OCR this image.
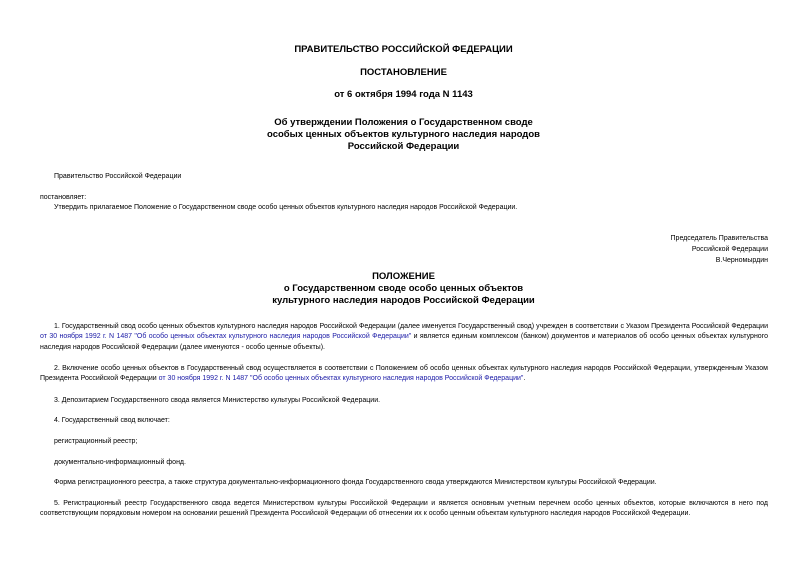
ПРАВИТЕЛЬСТВО РОССИЙСКОЙ ФЕДЕРАЦИИ
ПОСТАНОВЛЕНИЕ
от 6 октября 1994 года N 1143
Об утверждении Положения о Государственном своде
особых ценных объектов культурного наследия народов
Российской Федерации
Правительство Российской Федерации
постановляет:
Утвердить прилагаемое Положение о Государственном своде особо ценных объектов культурного наследия народов Российской Федерации.
Председатель Правительства
Российской Федерации
В.Черномырдин
ПОЛОЖЕНИЕ
о Государственном своде особо ценных объектов
культурного наследия народов Российской Федерации
1. Государственный свод особо ценных объектов культурного наследия народов Российской Федерации (далее именуется Государственный свод) учрежден в соответствии с Указом Президента Российской Федерации от 30 ноября 1992 г. N 1487 "Об особо ценных объектах культурного наследия народов Российской Федерации" и является единым комплексом (банком) документов и материалов об особо ценных объектах культурного наследия народов Российской Федерации (далее именуются - особо ценные объекты).
2. Включение особо ценных объектов в Государственный свод осуществляется в соответствии с Положением об особо ценных объектах культурного наследия народов Российской Федерации, утвержденным Указом Президента Российской Федерации от 30 ноября 1992 г. N 1487 "Об особо ценных объектах культурного наследия народов Российской Федерации".
3. Депозитарием Государственного свода является Министерство культуры Российской Федерации.
4. Государственный свод включает:
регистрационный реестр;
документально-информационный фонд.
Форма регистрационного реестра, а также структура документально-информационного фонда Государственного свода утверждаются Министерством культуры Российской Федерации.
5. Регистрационный реестр Государственного свода ведется Министерством культуры Российской Федерации и является основным учетным перечнем особо ценных объектов, которые включаются в него под соответствующим порядковым номером на основании решений Президента Российской Федерации об отнесении их к особо ценным объектам культурного наследия народов Российской Федерации.
